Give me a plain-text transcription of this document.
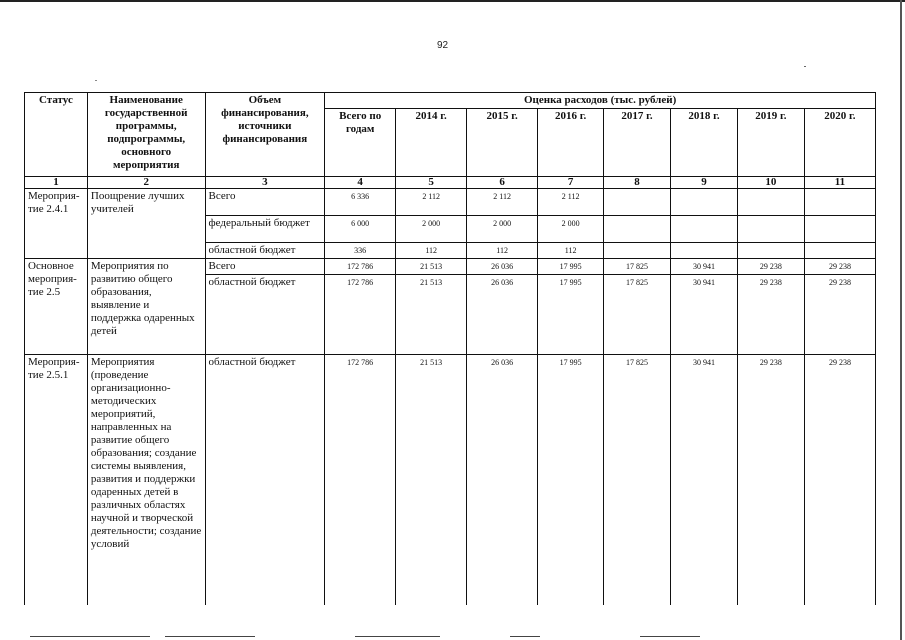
92
Статус	Наименование государственной программы, подпрограммы, основного мероприятия	Объем финансирования, источники финансирования	Оценка расходов (тыс. рублей)							
			Всего по годам	2014 г.	2015 г.	2016 г.	2017 г.	2018 г.	2019 г.	2020 г.
1	2	3	4	5	6	7	8	9	10	11
Мероприя-тие 2.4.1	Поощрение лучших учителей	Всего	6 336	2 112	2 112	2 112				
		федеральный бюджет	6 000	2 000	2 000	2 000				
		областной бюджет	336	112	112	112				
Основное мероприя-тие 2.5	Мероприятия по развитию общего образования, выявление и поддержка одаренных детей	Всего	172 786	21 513	26 036	17 995	17 825	30 941	29 238	29 238
		областной бюджет	172 786	21 513	26 036	17 995	17 825	30 941	29 238	29 238
Мероприя-тие 2.5.1	Мероприятия (проведение организационно-методических мероприятий, направленных на развитие общего образования; создание системы выявления, развития и поддержки одаренных детей в различных областях научной и творческой деятельности; создание условий	областной бюджет	172 786	21 513	26 036	17 995	17 825	30 941	29 238	29 238
